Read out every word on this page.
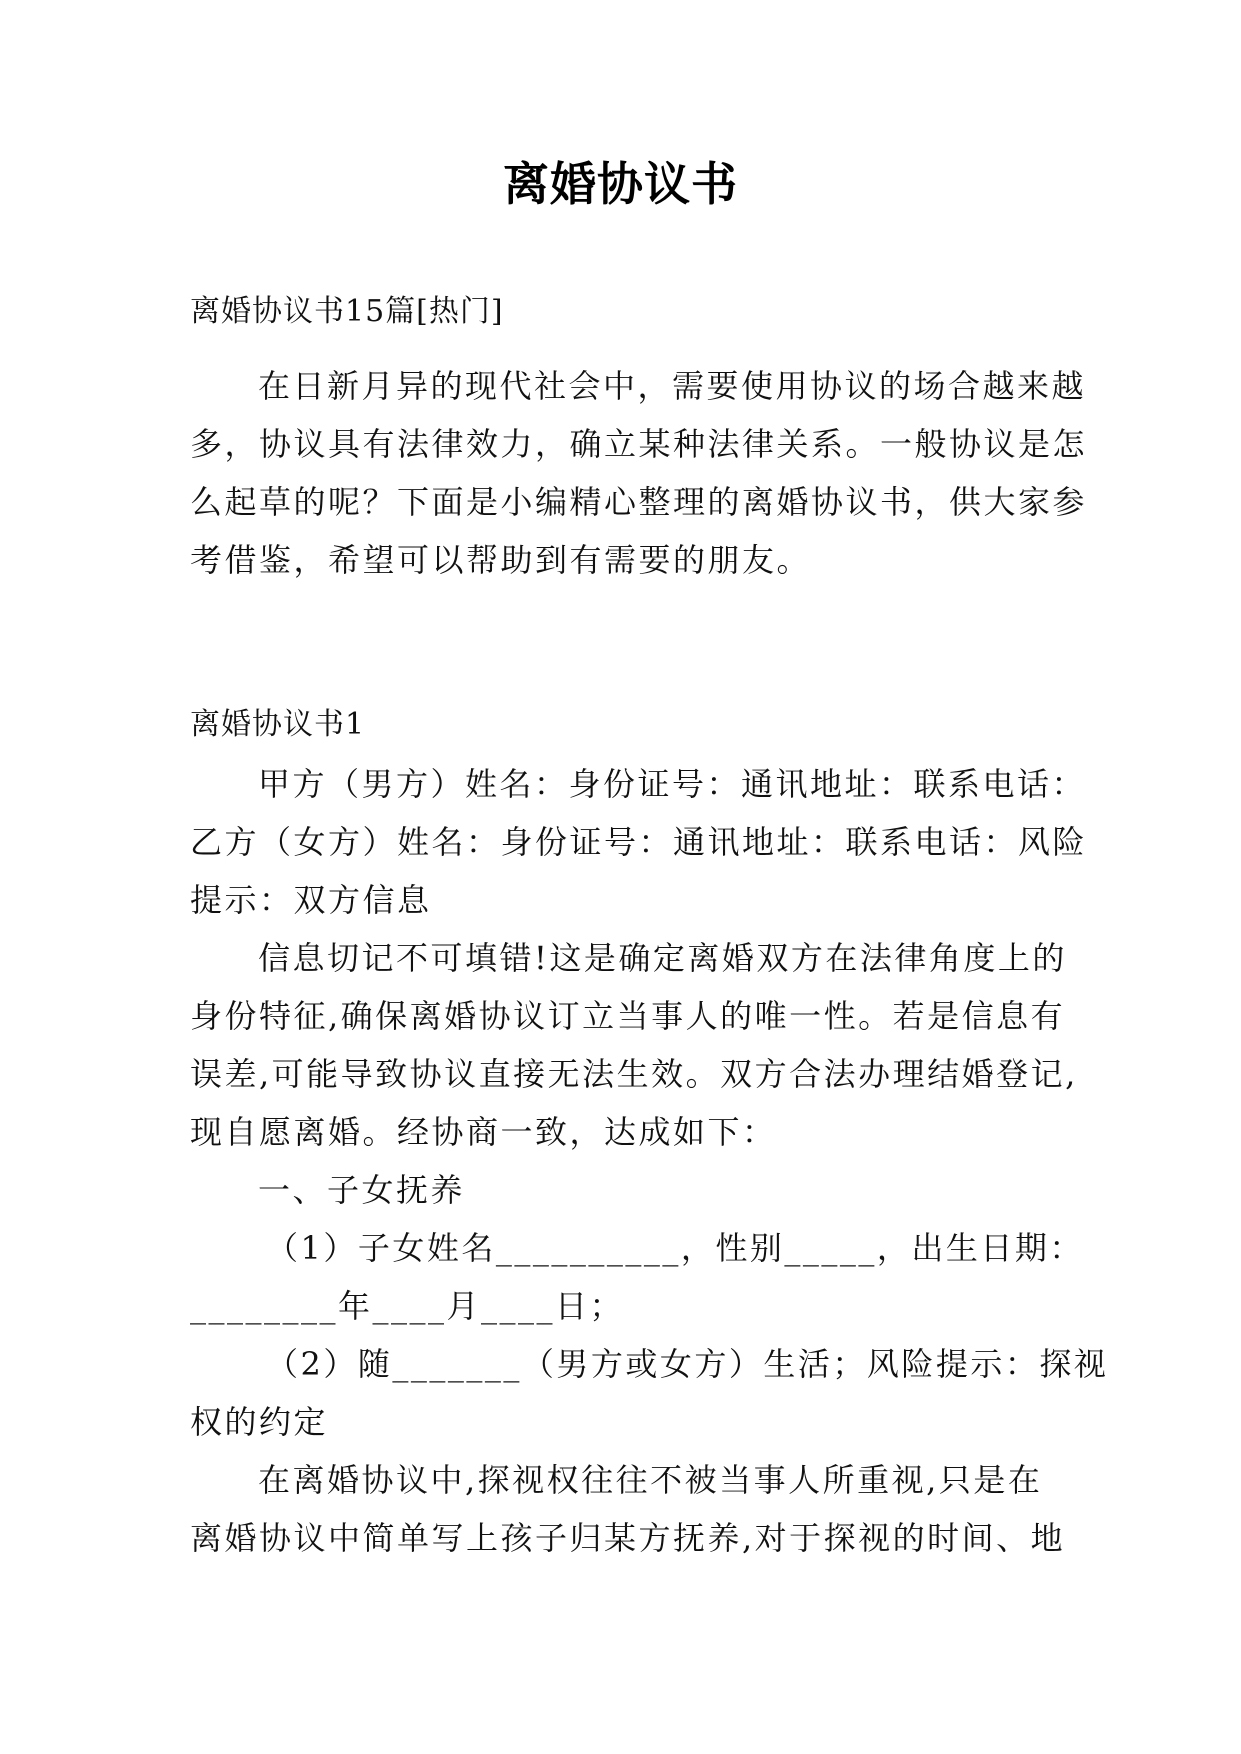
离婚协议书
离婚协议书15篇[热门]

在日新月异的现代社会中，需要使用协议的场合越来越

多，协议具有法律效力，确立某种法律关系。一般协议是怎

么起草的呢？下面是小编精心整理的离婚协议书，供大家参

考借鉴，希望可以帮助到有需要的朋友。

离婚协议书1

甲方（男方）姓名：身份证号：通讯地址：联系电话：

乙方（女方）姓名：身份证号：通讯地址：联系电话：风险

提示：双方信息

信息切记不可填错!这是确定离婚双方在法律角度上的

身份特征,确保离婚协议订立当事人的唯一性。若是信息有

误差,可能导致协议直接无法生效。双方合法办理结婚登记,

现自愿离婚。经协商一致，达成如下：

一、子女抚养

（1）子女姓名__________，性别_____，出生日期：

________年____月____日；

（2）随_______（男方或女方）生活；风险提示：探视

权的约定

在离婚协议中,探视权往往不被当事人所重视,只是在

离婚协议中简单写上孩子归某方抚养,对于探视的时间、地
